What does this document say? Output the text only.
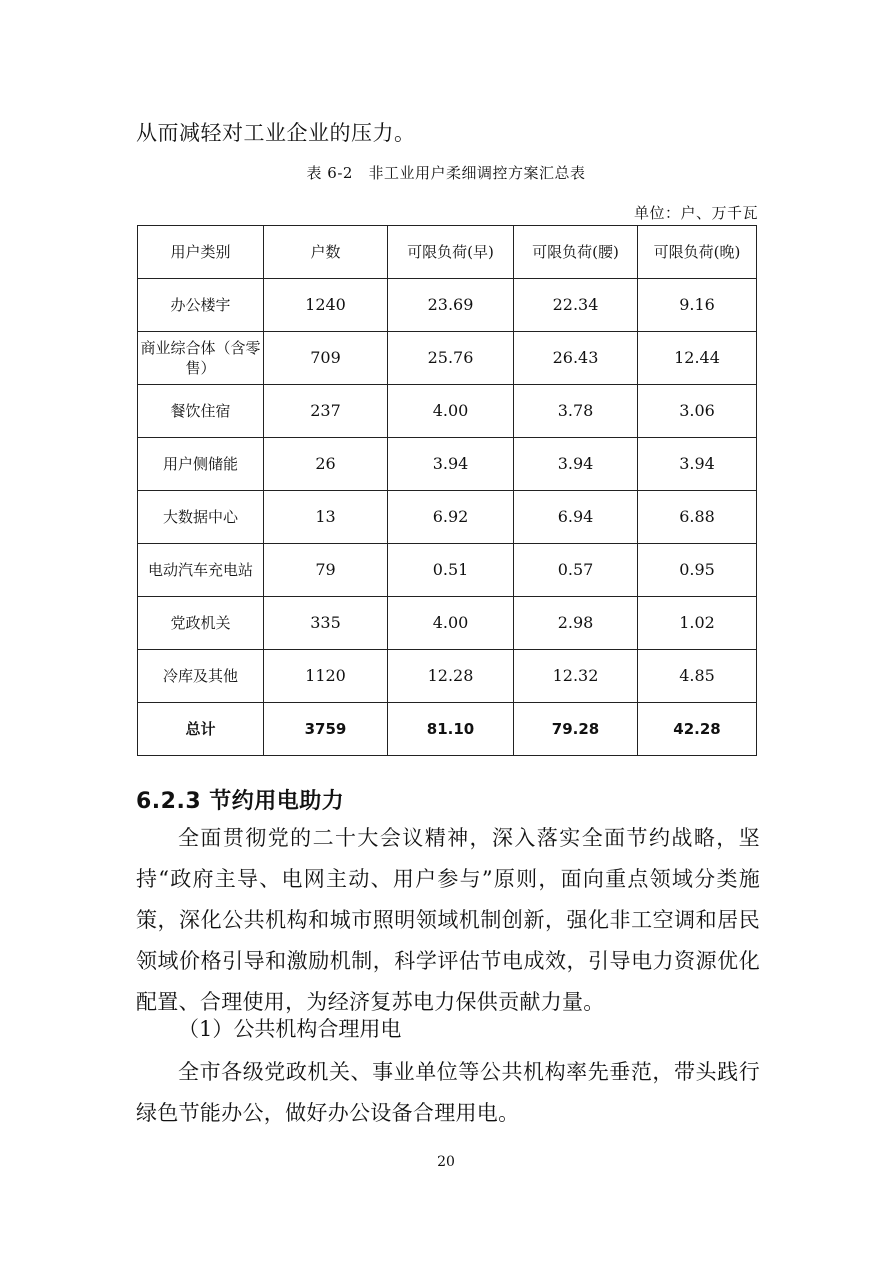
从而减轻对工业企业的压力。
表 6-2　非工业用户柔细调控方案汇总表
单位：户、万千瓦
用户类别	户数	可限负荷(早)	可限负荷(腰)	可限负荷(晚)
办公楼宇	1240	23.69	22.34	9.16
商业综合体（含零售）	709	25.76	26.43	12.44
餐饮住宿	237	4.00	3.78	3.06
用户侧储能	26	3.94	3.94	3.94
大数据中心	13	6.92	6.94	6.88
电动汽车充电站	79	0.51	0.57	0.95
党政机关	335	4.00	2.98	1.02
冷库及其他	1120	12.28	12.32	4.85
总计	3759	81.10	79.28	42.28
6.2.3 节约用电助力
全面贯彻党的二十大会议精神，深入落实全面节约战略，坚持“政府主导、电网主动、用户参与”原则，面向重点领域分类施策，深化公共机构和城市照明领域机制创新，强化非工空调和居民领域价格引导和激励机制，科学评估节电成效，引导电力资源优化配置、合理使用，为经济复苏电力保供贡献力量。
（1）公共机构合理用电
全市各级党政机关、事业单位等公共机构率先垂范，带头践行绿色节能办公，做好办公设备合理用电。
20
